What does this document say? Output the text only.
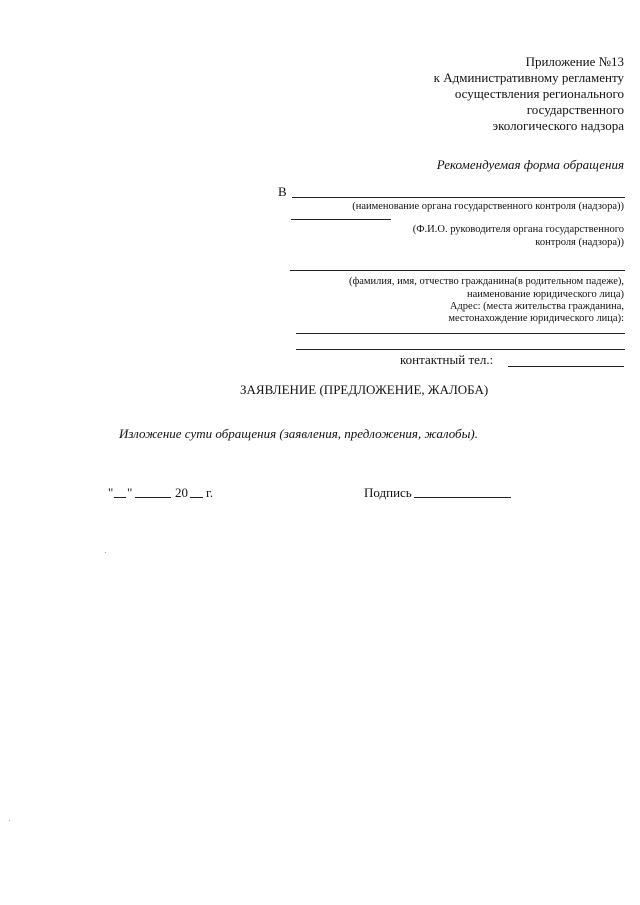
Приложение №13
к Административному регламенту
осуществления регионального
государственного
экологического надзора
Рекомендуемая форма обращения
В
(наименование органа государственного контроля (надзора))
(Ф.И.О. руководителя органа государственного
контроля (надзора))
(фамилия, имя, отчество гражданина(в родительном падеже),
наименование юридического лица)
Адрес: (места жительства гражданина,
местонахождение юридического лица):
контактный тел.:
ЗАЯВЛЕНИЕ (ПРЕДЛОЖЕНИЕ, ЖАЛОБА)
Изложение сути обращения (заявления, предложения, жалобы).
" "	20 г.	Подпись
